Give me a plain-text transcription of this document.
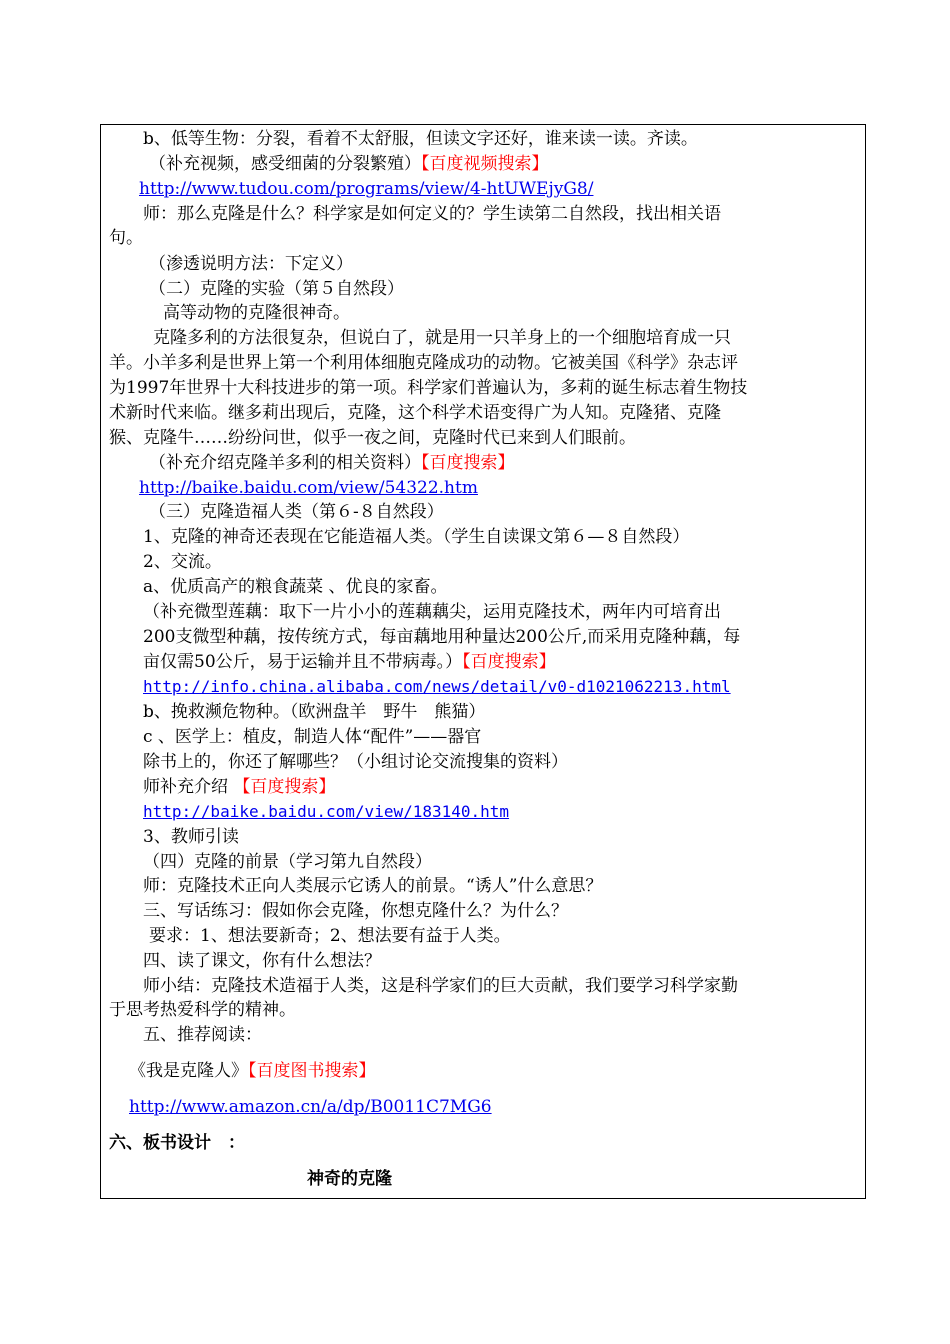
b、低等生物：分裂，看着不太舒服，但读文字还好，谁来读一读。齐读。
（补充视频，感受细菌的分裂繁殖）【百度视频搜索】
http://www.tudou.com/programs/view/4-htUWEjyG8/
师：那么克隆是什么？科学家是如何定义的？学生读第二自然段，找出相关语
句。
（渗透说明方法：下定义）
（二）克隆的实验（第５自然段）
高等动物的克隆很神奇。
克隆多利的方法很复杂，但说白了，就是用一只羊身上的一个细胞培育成一只
羊。小羊多利是世界上第一个利用体细胞克隆成功的动物。它被美国《科学》杂志评
为1997年世界十大科技进步的第一项。科学家们普遍认为，多莉的诞生标志着生物技
术新时代来临。继多莉出现后，克隆，这个科学术语变得广为人知。克隆猪、克隆
猴、克隆牛……纷纷问世，似乎一夜之间，克隆时代已来到人们眼前。
（补充介绍克隆羊多利的相关资料）【百度搜索】
http://baike.baidu.com/view/54322.htm
（三）克隆造福人类（第６-８自然段）
1、克隆的神奇还表现在它能造福人类。（学生自读课文第６—８自然段）
2、交流。
a、优质高产的粮食蔬菜 、优良的家畜。
（补充微型莲藕：取下一片小小的莲藕藕尖，运用克隆技术，两年内可培育出
200支微型种藕，按传统方式，每亩藕地用种量达200公斤,而采用克隆种藕，每
亩仅需50公斤，易于运输并且不带病毒。）【百度搜索】
http://info.china.alibaba.com/news/detail/v0-d1021062213.html
b、挽救濒危物种。（欧洲盘羊　野牛　熊猫）
c 、医学上：植皮，制造人体“配件”——器官
除书上的，你还了解哪些？（小组讨论交流搜集的资料）
师补充介绍 【百度搜索】
http://baike.baidu.com/view/183140.htm
3、教师引读
（四）克隆的前景（学习第九自然段）
师：克隆技术正向人类展示它诱人的前景。“诱人”什么意思？
三、写话练习：假如你会克隆，你想克隆什么？为什么？
要求：1、想法要新奇；2、想法要有益于人类。
四、读了课文，你有什么想法？
师小结：克隆技术造福于人类，这是科学家们的巨大贡献，我们要学习科学家勤
于思考热爱科学的精神。
五、推荐阅读：
《我是克隆人》【百度图书搜索】
http://www.amazon.cn/a/dp/B0011C7MG6
六、板书设计　：
神奇的克隆
